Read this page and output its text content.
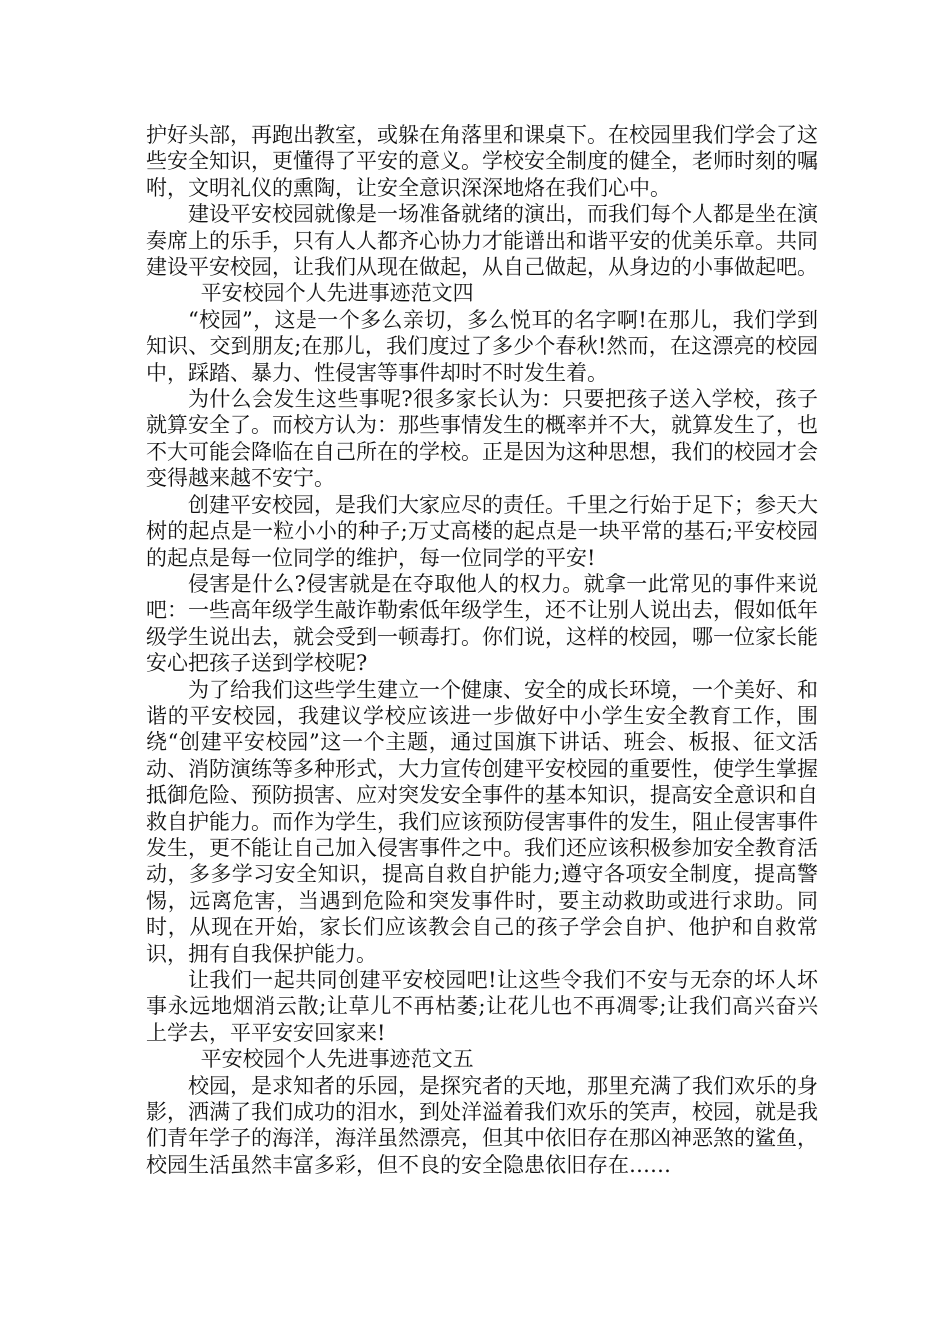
护好头部，再跑出教室，或躲在角落里和课桌下。在校园里我们学会了这些安全知识，更懂得了平安的意义。学校安全制度的健全，老师时刻的嘱咐，文明礼仪的熏陶，让安全意识深深地烙在我们心中。

建设平安校园就像是一场准备就绪的演出，而我们每个人都是坐在演奏席上的乐手，只有人人都齐心协力才能谱出和谐平安的优美乐章。共同建设平安校园，让我们从现在做起，从自己做起，从身边的小事做起吧。

平安校园个人先进事迹范文四

“校园”，这是一个多么亲切，多么悦耳的名字啊!在那儿，我们学到知识、交到朋友;在那儿，我们度过了多少个春秋!然而，在这漂亮的校园中，踩踏、暴力、性侵害等事件却时不时发生着。

为什么会发生这些事呢?很多家长认为：只要把孩子送入学校，孩子就算安全了。而校方认为：那些事情发生的概率并不大，就算发生了，也不大可能会降临在自己所在的学校。正是因为这种思想，我们的校园才会变得越来越不安宁。

创建平安校园，是我们大家应尽的责任。千里之行始于足下；参天大树的起点是一粒小小的种子;万丈高楼的起点是一块平常的基石;平安校园的起点是每一位同学的维护，每一位同学的平安!

侵害是什么?侵害就是在夺取他人的权力。就拿一此常见的事件来说吧：一些高年级学生敲诈勒索低年级学生，还不让别人说出去，假如低年级学生说出去，就会受到一顿毒打。你们说，这样的校园，哪一位家长能安心把孩子送到学校呢?

为了给我们这些学生建立一个健康、安全的成长环境，一个美好、和谐的平安校园，我建议学校应该进一步做好中小学生安全教育工作，围绕“创建平安校园”这一个主题，通过国旗下讲话、班会、板报、征文活动、消防演练等多种形式，大力宣传创建平安校园的重要性，使学生掌握抵御危险、预防损害、应对突发安全事件的基本知识，提高安全意识和自救自护能力。而作为学生，我们应该预防侵害事件的发生，阻止侵害事件发生，更不能让自己加入侵害事件之中。我们还应该积极参加安全教育活动，多多学习安全知识，提高自救自护能力;遵守各项安全制度，提高警惕，远离危害，当遇到危险和突发事件时，要主动救助或进行求助。同时，从现在开始，家长们应该教会自己的孩子学会自护、他护和自救常识，拥有自我保护能力。

让我们一起共同创建平安校园吧!让这些令我们不安与无奈的坏人坏事永远地烟消云散;让草儿不再枯萎;让花儿也不再凋零;让我们高兴奋兴上学去，平平安安回家来!

平安校园个人先进事迹范文五

校园，是求知者的乐园，是探究者的天地，那里充满了我们欢乐的身影，洒满了我们成功的泪水，到处洋溢着我们欢乐的笑声，校园，就是我们青年学子的海洋，海洋虽然漂亮，但其中依旧存在那凶神恶煞的鲨鱼，校园生活虽然丰富多彩，但不良的安全隐患依旧存在……
